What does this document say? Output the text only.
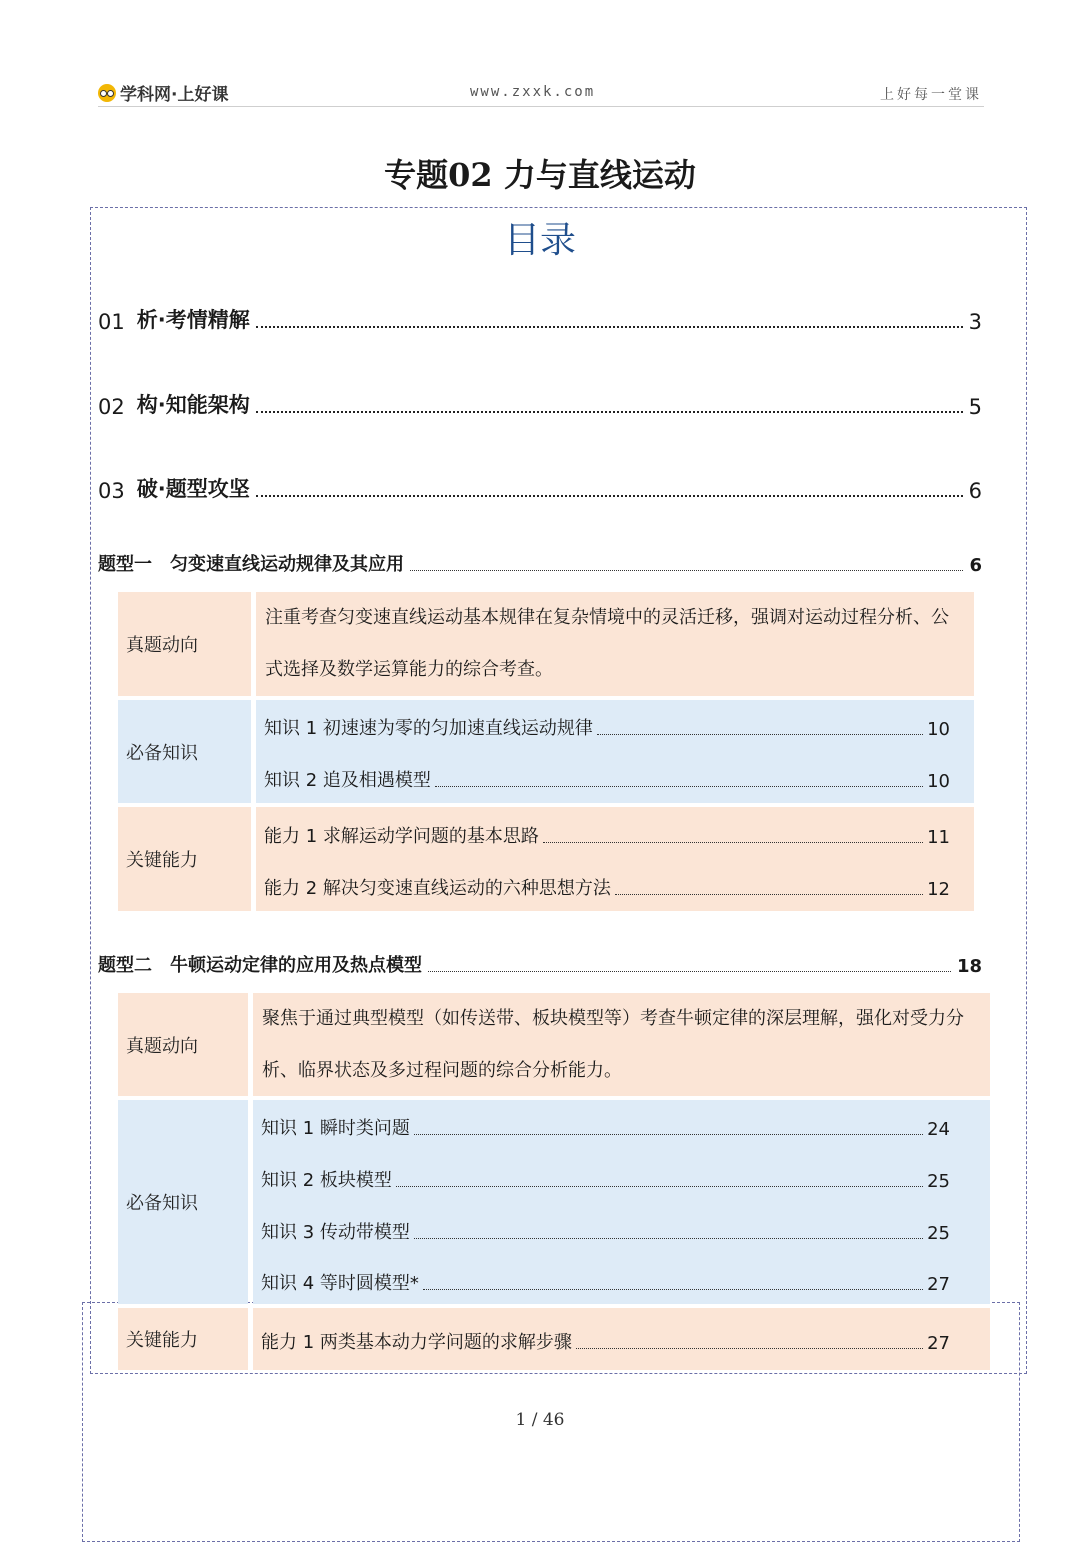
学科网·上好课	www.zxxk.com	上好每一堂课
专题02 力与直线运动
目录
01 析·考情精解	3
02 构·知能架构	5
03 破·题型攻坚	6
题型一 匀变速直线运动规律及其应用	6
真题动向
注重考查匀变速直线运动基本规律在复杂情境中的灵活迁移，强调对运动过程分析、公式选择及数学运算能力的综合考查。
必备知识
知识 1 初速速为零的匀加速直线运动规律	10
知识 2 追及相遇模型	10
关键能力
能力 1 求解运动学问题的基本思路	11
能力 2 解决匀变速直线运动的六种思想方法	12
题型二 牛顿运动定律的应用及热点模型	18
真题动向
聚焦于通过典型模型（如传送带、板块模型等）考查牛顿定律的深层理解，强化对受力分析、临界状态及多过程问题的综合分析能力。
必备知识
知识 1 瞬时类问题	24
知识 2 板块模型	25
知识 3 传动带模型	25
知识 4 等时圆模型*	27
关键能力	能力 1 两类基本动力学问题的求解步骤	27
1 / 46
